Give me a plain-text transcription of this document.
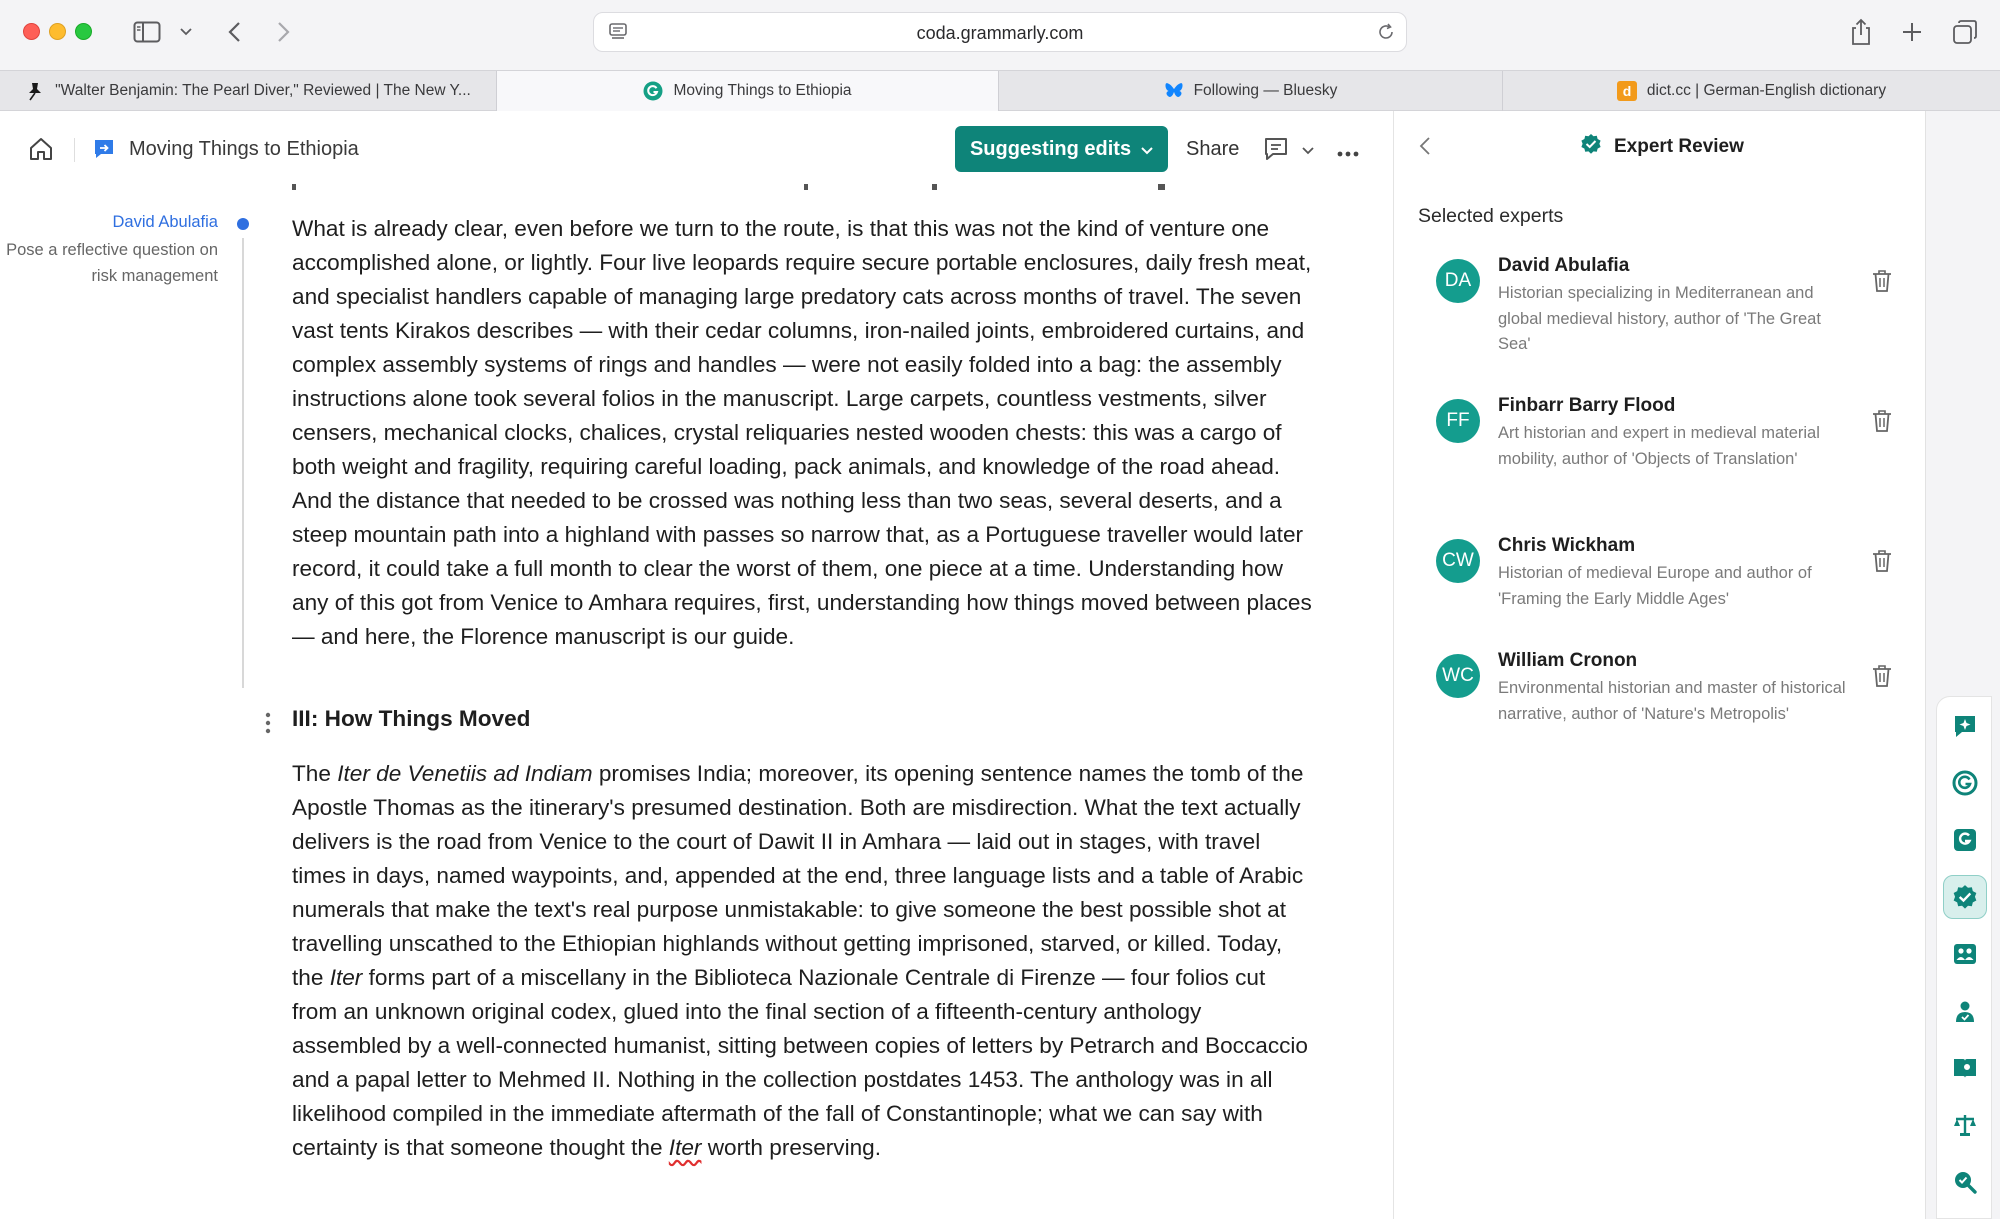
coda.grammarly.com
"Walter Benjamin: The Pearl Diver," Reviewed | The New Y...	Moving Things to Ethiopia	Following — Bluesky	d dict.cc | German-English dictionary
Moving Things to Ethiopia	Suggesting edits	Share
David Abulafia
Pose a reflective question on risk management
What is already clear, even before we turn to the route, is that this was not the kind of venture one accomplished alone, or lightly. Four live leopards require secure portable enclosures, daily fresh meat, and specialist handlers capable of managing large predatory cats across months of travel. The seven vast tents Kirakos describes — with their cedar columns, iron-nailed joints, embroidered curtains, and complex assembly systems of rings and handles — were not easily folded into a bag: the assembly instructions alone took several folios in the manuscript. Large carpets, countless vestments, silver censers, mechanical clocks, chalices, crystal reliquaries nested wooden chests: this was a cargo of both weight and fragility, requiring careful loading, pack animals, and knowledge of the road ahead. And the distance that needed to be crossed was nothing less than two seas, several deserts, and a steep mountain path into a highland with passes so narrow that, as a Portuguese traveller would later record, it could take a full month to clear the worst of them, one piece at a time. Understanding how any of this got from Venice to Amhara requires, first, understanding how things moved between places — and here, the Florence manuscript is our guide.
III: How Things Moved
The Iter de Venetiis ad Indiam promises India; moreover, its opening sentence names the tomb of the Apostle Thomas as the itinerary's presumed destination. Both are misdirection. What the text actually delivers is the road from Venice to the court of Dawit II in Amhara — laid out in stages, with travel times in days, named waypoints, and, appended at the end, three language lists and a table of Arabic numerals that make the text's real purpose unmistakable: to give someone the best possible shot at travelling unscathed to the Ethiopian highlands without getting imprisoned, starved, or killed. Today, the Iter forms part of a miscellany in the Biblioteca Nazionale Centrale di Firenze — four folios cut from an unknown original codex, glued into the final section of a fifteenth-century anthology assembled by a well-connected humanist, sitting between copies of letters by Petrarch and Boccaccio and a papal letter to Mehmed II. Nothing in the collection postdates 1453. The anthology was in all likelihood compiled in the immediate aftermath of the fall of Constantinople; what we can say with certainty is that someone thought the Iter worth preserving.
Expert Review
Selected experts
DA
David Abulafia
Historian specializing in Mediterranean and global medieval history, author of 'The Great Sea'
FF
Finbarr Barry Flood
Art historian and expert in medieval material mobility, author of 'Objects of Translation'
CW
Chris Wickham
Historian of medieval Europe and author of 'Framing the Early Middle Ages'
WC
William Cronon
Environmental historian and master of historical narrative, author of 'Nature's Metropolis'
